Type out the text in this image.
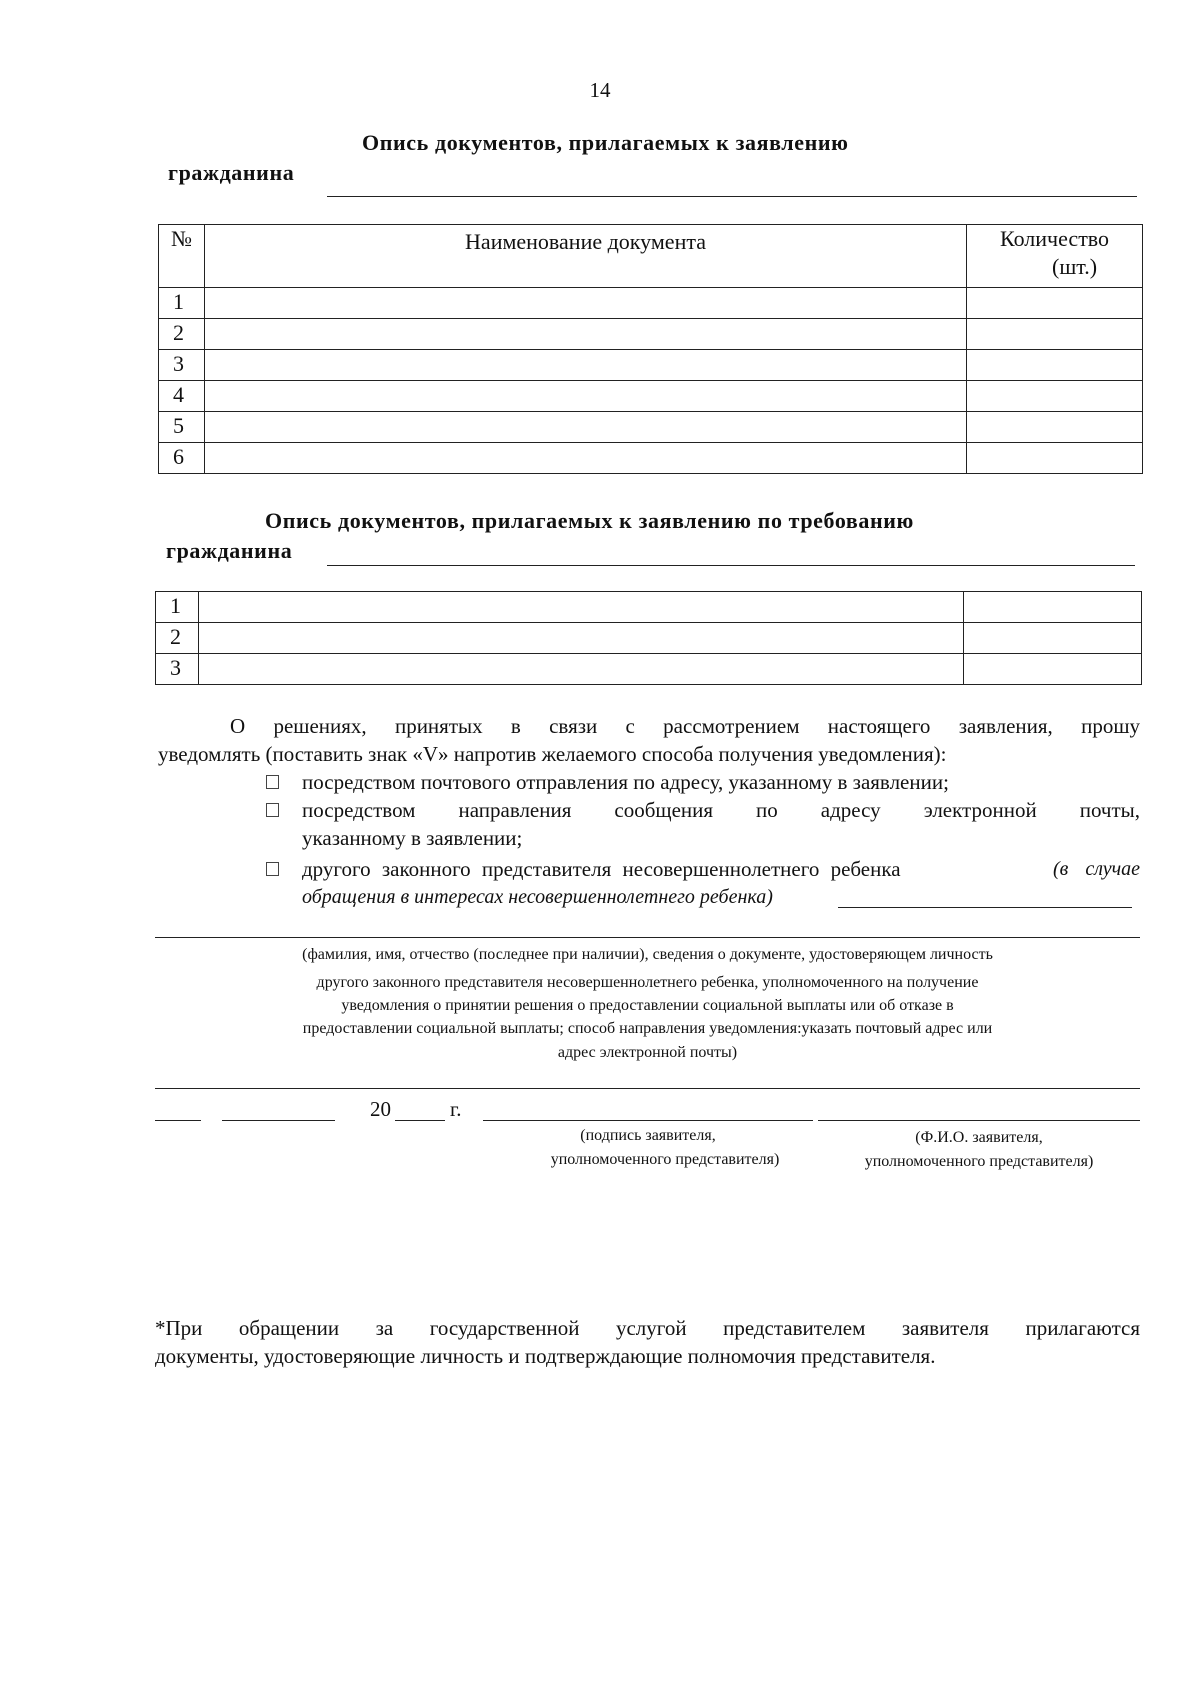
14
Опись документов, прилагаемых к заявлению
гражданина
№	Наименование документа	Количество
(шт.)

1		
2		
3		
4		
5		
6		
Опись документов, прилагаемых к заявлению по требованию
гражданина
1		
2		
3		
О решениях, принятых в связи с рассмотрением настоящего заявления, прошу
уведомлять (поставить знак «V» напротив желаемого способа получения уведомления):
посредством почтового отправления по адресу, указанному в заявлении;
посредством направления сообщения по адресу электронной почты,
указанному в заявлении;
другого законного представителя несовершеннолетнего ребенка	(в случае
обращения в интересах несовершеннолетнего ребенка)
(фамилия, имя, отчество (последнее при наличии), сведения о документе, удостоверяющем личность
другого законного представителя несовершеннолетнего ребенка, уполномоченного на получение
уведомления о принятии решения о предоставлении социальной выплаты или об отказе в
предоставлении социальной выплаты; способ направления уведомления:указать почтовый адрес или
адрес электронной почты)
20	г.
(подпись заявителя,
уполномоченного представителя)
(Ф.И.О. заявителя,
уполномоченного представителя)
*При обращении за государственной услугой представителем заявителя прилагаются
документы, удостоверяющие личность и подтверждающие полномочия представителя.
